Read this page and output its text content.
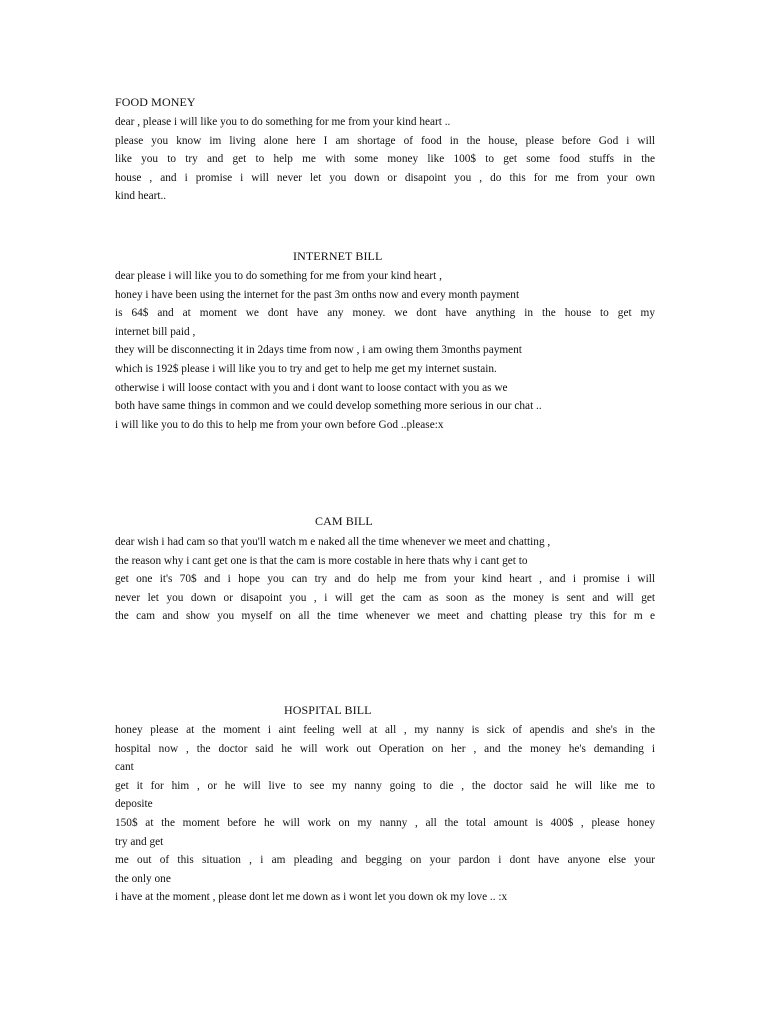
FOOD MONEY
dear , please i will like you to do something for me from your kind heart ..
please you know im living alone here I am shortage of food in the house, please before God i will
like you to try and get to help me with some money like 100$ to get some food stuffs in the
house , and i promise i will never let you down or disapoint you , do this for me from your own
kind heart..
INTERNET BILL
dear please i will like you to do something for me from your kind heart ,
honey i have been using the internet for the past 3m onths now and every month payment
is 64$ and at moment we dont have any money. we dont have anything in the house to get my
internet bill paid ,
they will be disconnecting it in 2days time from now , i am owing them 3months payment
which is 192$ please i will like you to try and get to help me get my internet sustain.
otherwise i will loose contact with you and i dont want to loose contact with you as we
both have same things in common and we could develop something more serious in our chat ..
i will like you to do this to help me from your own before God ..please:x
CAM BILL
dear wish i had cam so that you'll watch m e naked all the time whenever we meet and chatting ,
the reason why i cant get one is that the cam is more costable in here thats why i cant get to
get one it's 70$ and i hope you can try and do help me from your kind heart , and i promise i will
never let you down or disapoint you , i will get the cam as soon as the money is sent and will get
the cam and show you myself on all the time whenever we meet and chatting please try this for m e
HOSPITAL BILL
honey please at the moment i aint feeling well at all , my nanny is sick of apendis and she's in the
hospital now , the doctor said he will work out Operation on her , and the money he's demanding i
cant
get it for him , or he will live to see my nanny going to die , the doctor said he will like me to
deposite
150$ at the moment before he will work on my nanny , all the total amount is 400$ , please honey
try and get
me out of this situation , i am pleading and begging on your pardon i dont have anyone else your
the only one
i have at the moment , please dont let me down as i wont let you down ok my love .. :x
